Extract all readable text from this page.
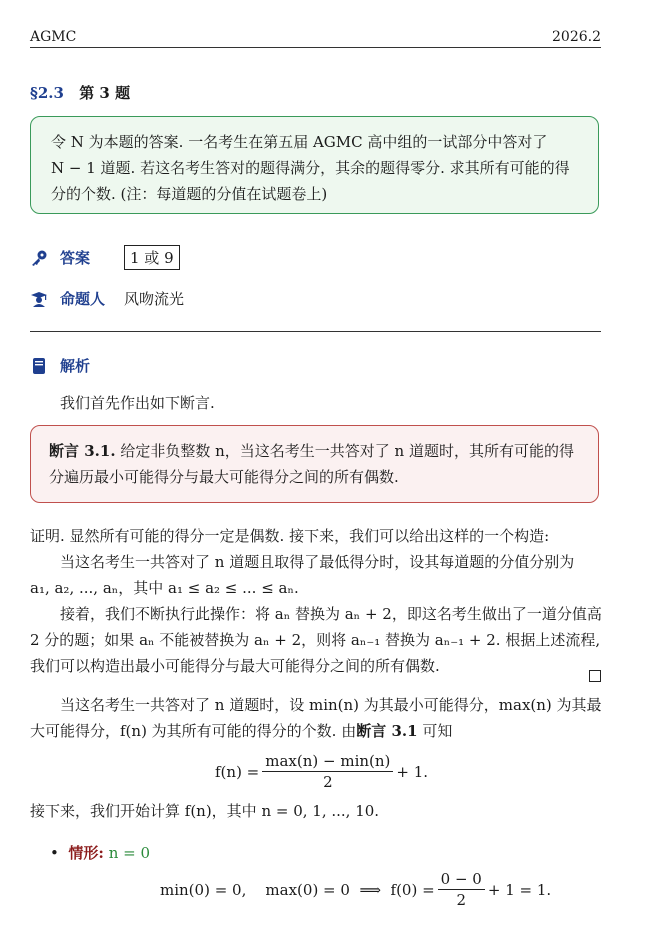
AGMC	2026.2
§2.3 第 3 题
令 N 为本题的答案. 一名考生在第五届 AGMC 高中组的一试部分中答对了
N − 1 道题. 若这名考生答对的题得满分，其余的题得零分. 求其所有可能的得
分的个数. (注：每道题的分值在试题卷上)
答案	1 或 9
命题人	风吻流光
解析
我们首先作出如下断言.
断言 3.1. 给定非负整数 n，当这名考生一共答对了 n 道题时，其所有可能的得
分遍历最小可能得分与最大可能得分之间的所有偶数.
证明. 显然所有可能的得分一定是偶数. 接下来，我们可以给出这样的一个构造:
当这名考生一共答对了 n 道题且取得了最低得分时，设其每道题的分值分别为
a₁, a₂, ..., aₙ，其中 a₁ ≤ a₂ ≤ ... ≤ aₙ.
接着，我们不断执行此操作：将 aₙ 替换为 aₙ + 2，即这名考生做出了一道分值高
2 分的题；如果 aₙ 不能被替换为 aₙ + 2，则将 aₙ₋₁ 替换为 aₙ₋₁ + 2. 根据上述流程,
我们可以构造出最小可能得分与最大可能得分之间的所有偶数.
当这名考生一共答对了 n 道题时，设 min(n) 为其最小可能得分，max(n) 为其最
大可能得分，f(n) 为其所有可能的得分的个数. 由断言 3.1 可知
$f(n) = \frac{\max(n) - \min(n)}{2} + 1$.
接下来，我们开始计算 f(n)，其中 n = 0, 1, ..., 10.
•  情形: n = 0
min(0) = 0,    max(0) = 0  ⟹  $f(0) = \frac{0 - 0}{2} + 1 = 1$.
